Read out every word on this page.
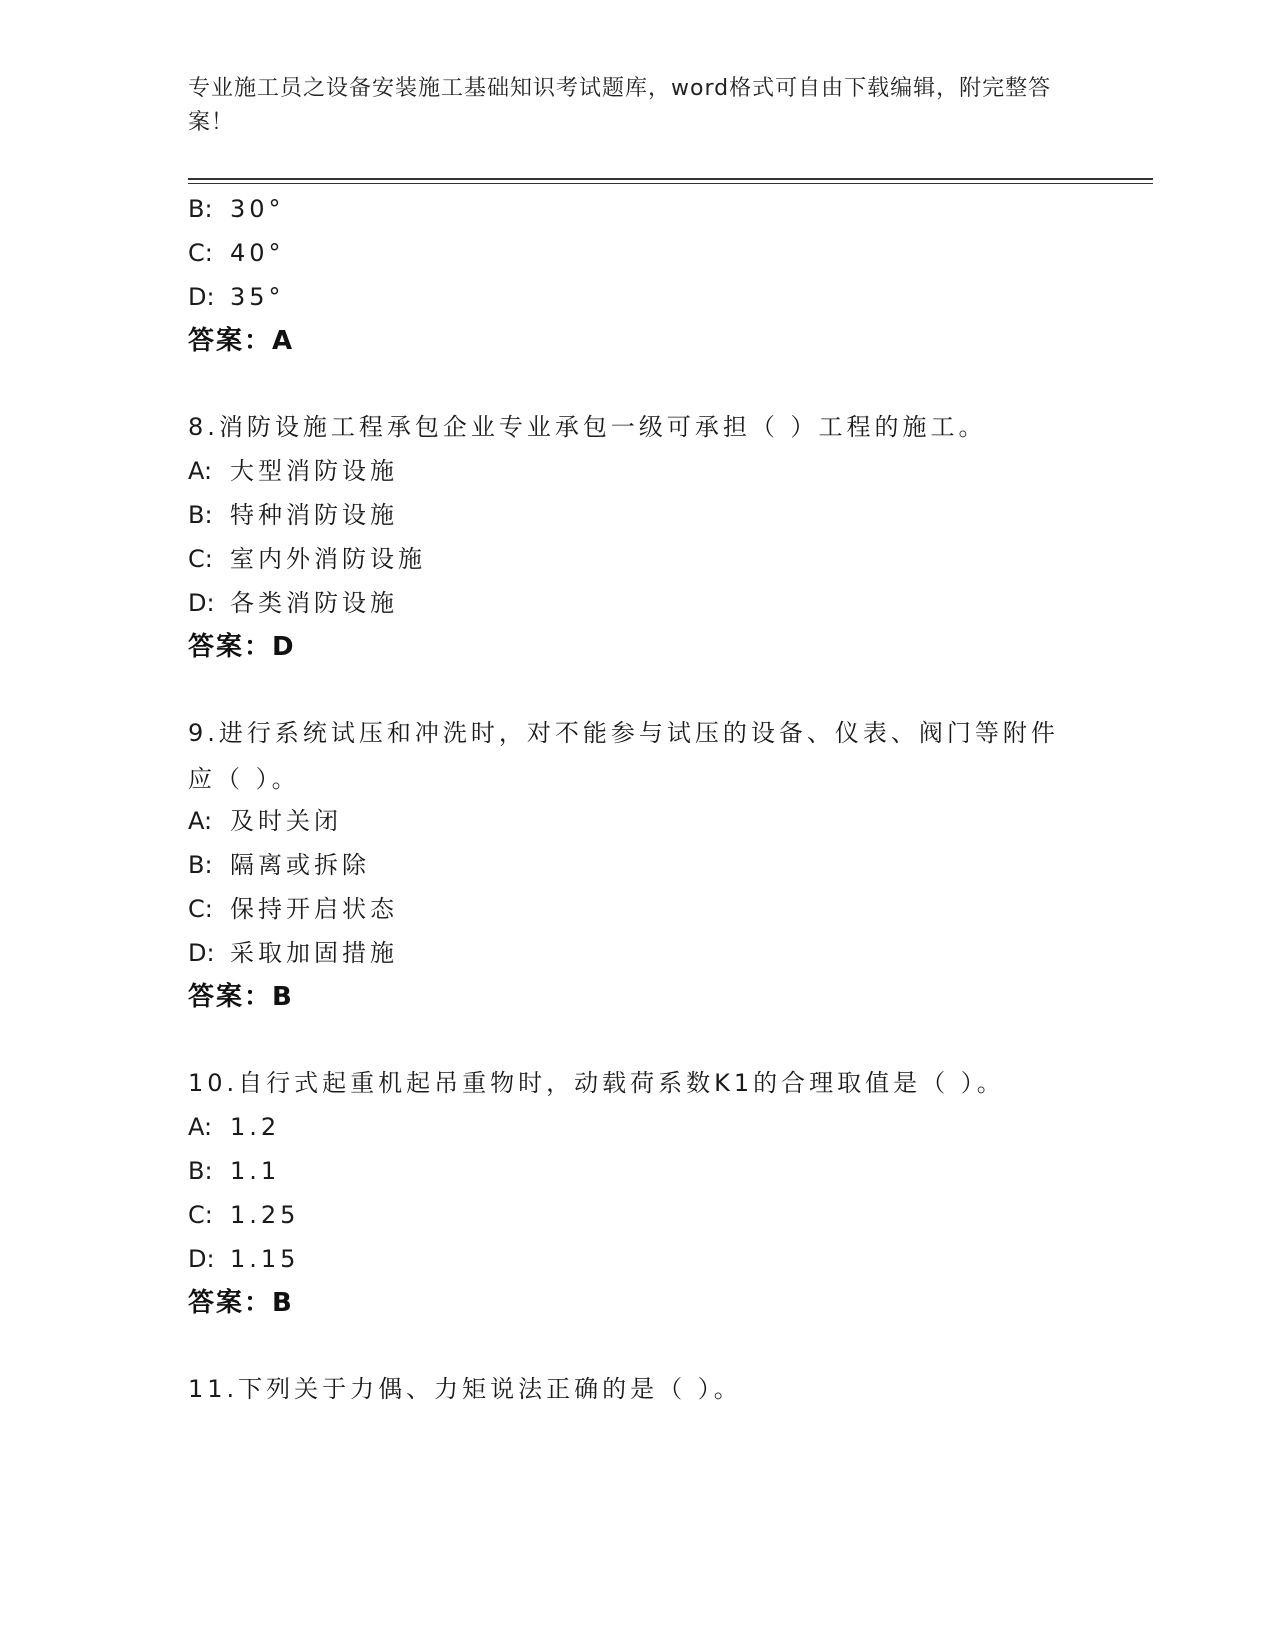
专业施工员之设备安装施工基础知识考试题库，word格式可自由下载编辑，附完整答案！
B: 30°
C: 40°
D: 35°
答案：A
8.消防设施工程承包企业专业承包一级可承担（ ）工程的施工。
A: 大型消防设施
B: 特种消防设施
C: 室内外消防设施
D: 各类消防设施
答案：D
9.进行系统试压和冲洗时，对不能参与试压的设备、仪表、阀门等附件应（ ）。
A: 及时关闭
B: 隔离或拆除
C: 保持开启状态
D: 采取加固措施
答案：B
10.自行式起重机起吊重物时，动载荷系数K1的合理取值是（ ）。
A: 1.2
B: 1.1
C: 1.25
D: 1.15
答案：B
11.下列关于力偶、力矩说法正确的是（ ）。
